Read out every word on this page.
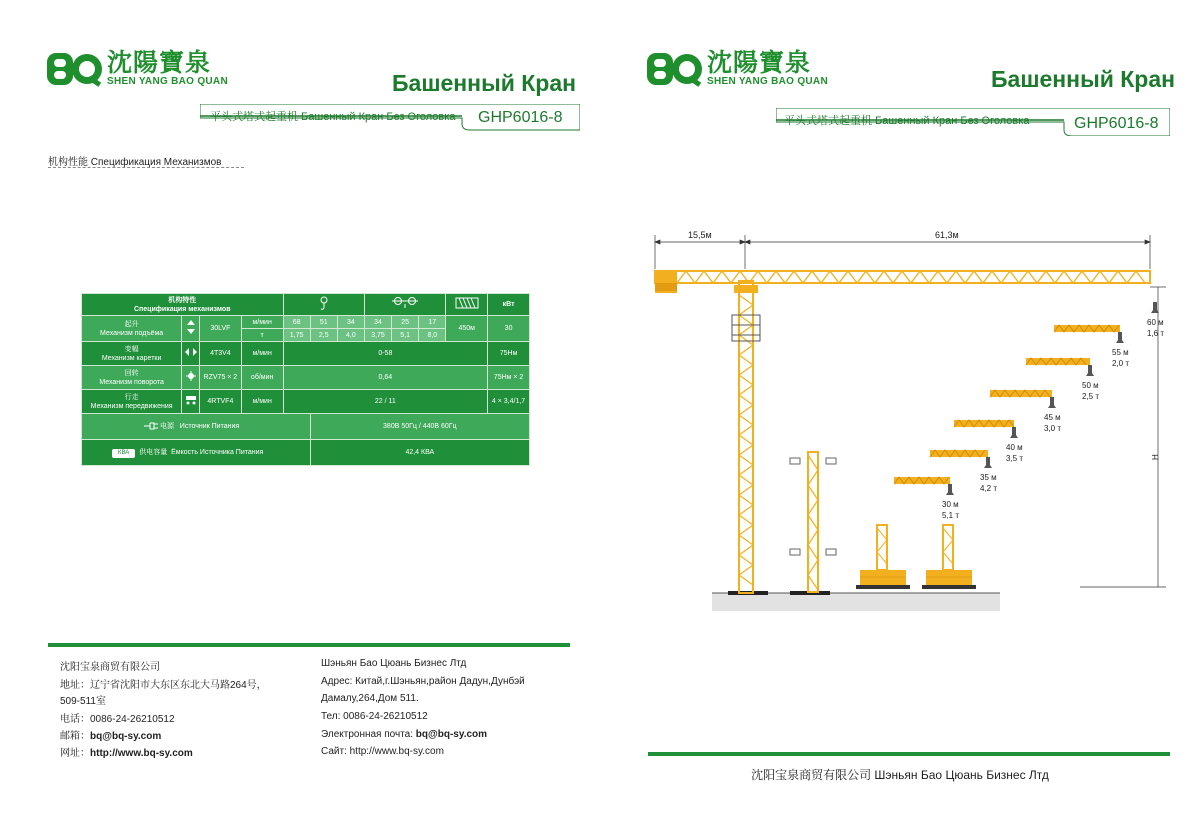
沈陽寶泉
SHEN YANG BAO QUAN	Башенный Кран
平头式塔式起重机 Башенный Кран Без Оголовка GHP6016-8
机构性能 Спецификация Механизмов
机构特性
Спецификация механизмов											кВт
起升
Механизм подъёма		30LVF	м/мин	68	51	34	34	25	17	450м	30
			т	1,75	2,5	4,0	3,75	5,1	8,0		
变幅
Механизм каретки		4T3V4	м/мин	0-58							75Нм
回转
Механизм поворота		RZV75 × 2	об/мин	0,64							75Нм × 2
行走
Механизм передвижения		4RTVF4	м/мин	22 / 11							4 × 3,4/1,7
电源 Источник Питания					380В 50Гц / 440В 60Гц						
КВА 供电容量 Ёмкость Источника Питания					42,4 КВА						
沈阳宝泉商贸有限公司
地址：辽宁省沈阳市大东区东北大马路264号，
509-511室
电话：0086-24-26210512
邮箱：bq@bq-sy.com
网址：http://www.bq-sy.com
Шэньян Бао Цюань Бизнес Лтд
Адрес: Китай,г.Шэньян,район Дадун,Дунбэй
Дамалу,264,Дом 511.
Тел: 0086-24-26210512
Электронная почта: bq@bq-sy.com
Сайт: http://www.bq-sy.com
沈陽寶泉
SHEN YANG BAO QUAN	Башенный Кран
平头式塔式起重机 Башенный Кран Без Оголовка	GHP6016-8
15,5м	61,3м
H
60 м
1,6 т
55 м
2,0 т
50 м
2,5 т
45 м
3,0 т
40 м
3,5 т
35 м
4,2 т
30 м
5,1 т
沈阳宝泉商贸有限公司 Шэньян Бао Цюань Бизнес Лтд
